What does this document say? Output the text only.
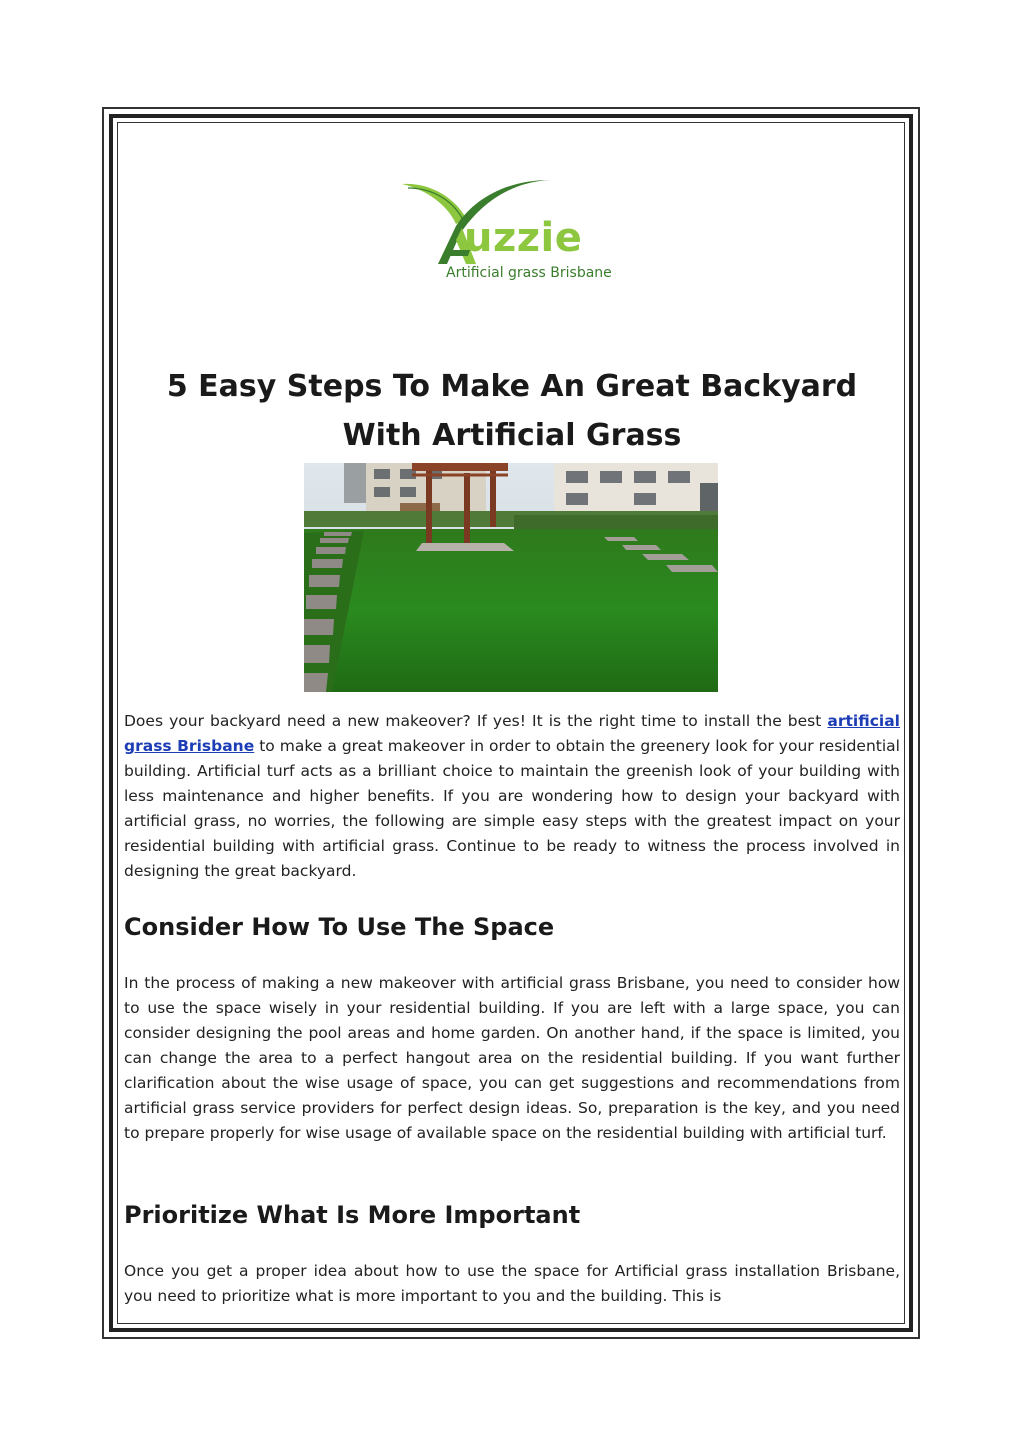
uzzie
Artificial grass Brisbane
5 Easy Steps To Make An Great Backyard With Artificial Grass

Does your backyard need a new makeover? If yes! It is the right time to install the best artificial grass Brisbane to make a great makeover in order to obtain the greenery look for your residential building. Artificial turf acts as a brilliant choice to maintain the greenish look of your building with less maintenance and higher benefits. If you are wondering how to design your backyard with artificial grass, no worries, the following are simple easy steps with the greatest impact on your residential building with artificial grass. Continue to be ready to witness the process involved in designing the great backyard.

Consider How To Use The Space

In the process of making a new makeover with artificial grass Brisbane, you need to consider how to use the space wisely in your residential building. If you are left with a large space, you can consider designing the pool areas and home garden. On another hand, if the space is limited, you can change the area to a perfect hangout area on the residential building. If you want further clarification about the wise usage of space, you can get suggestions and recommendations from artificial grass service providers for perfect design ideas. So, preparation is the key, and you need to prepare properly for wise usage of available space on the residential building with artificial turf.

Prioritize What Is More Important

Once you get a proper idea about how to use the space for Artificial grass installation Brisbane, you need to prioritize what is more important to you and the building. This is
